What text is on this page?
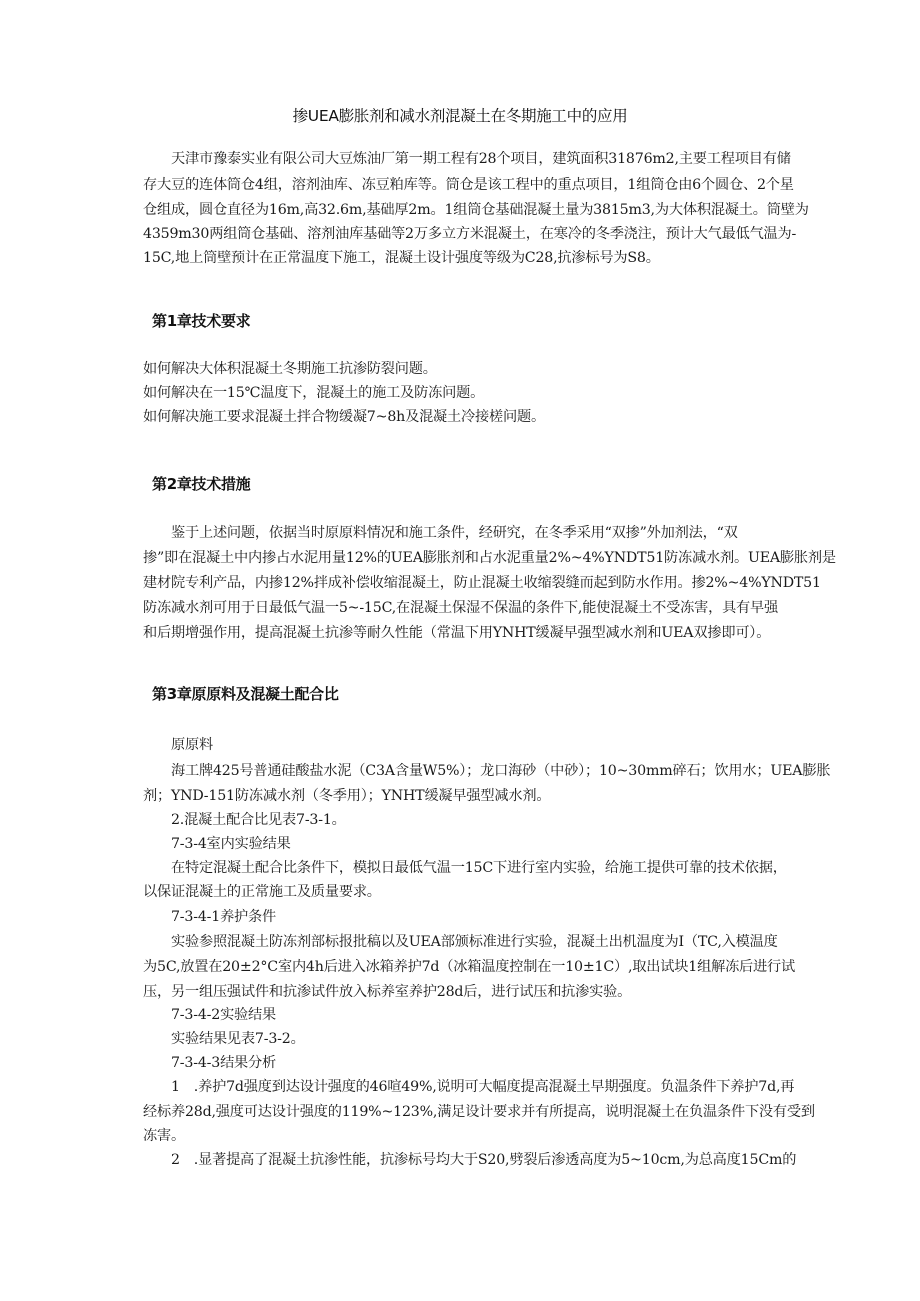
掺UEA膨胀剂和减水剂混凝土在冬期施工中的应用
天津市豫泰实业有限公司大豆炼油厂第一期工程有28个项目，建筑面积31876m2,主要工程项目有储
存大豆的连体筒仓4组，溶剂油库、冻豆粕库等。筒仓是该工程中的重点项目，1组筒仓由6个圆仓、2个星
仓组成，圆仓直径为16m,高32.6m,基础厚2m。1组筒仓基础混凝土量为3815m3,为大体积混凝土。筒壁为
4359m30两组筒仓基础、溶剂油库基础等2万多立方米混凝土，在寒冷的冬季浇注，预计大气最低气温为-
15C,地上筒壁预计在正常温度下施工，混凝土设计强度等级为C28,抗渗标号为S8。
第1章技术要求
如何解决大体积混凝土冬期施工抗渗防裂问题。
如何解决在一15℃温度下，混凝土的施工及防冻问题。
如何解决施工要求混凝土拌合物缓凝7~8h及混凝土冷接槎问题。
第2章技术措施
　　鉴于上述问题，依据当时原原料情况和施工条件，经研究，在冬季采用“双掺”外加剂法，“双
掺”即在混凝土中内掺占水泥用量12%的UEA膨胀剂和占水泥重量2%~4%YNDT51防冻减水剂。UEA膨胀剂是
建材院专利产品，内掺12%拌成补偿收缩混凝土，防止混凝土收缩裂缝而起到防水作用。掺2%~4%YNDT51
防冻减水剂可用于日最低气温一5~-15C,在混凝土保湿不保温的条件下,能使混凝土不受冻害，具有早强
和后期增强作用，提高混凝土抗渗等耐久性能（常温下用YNHT缓凝早强型减水剂和UEA双掺即可）。
第3章原原料及混凝土配合比
　　原原料
　　海工牌425号普通硅酸盐水泥（C3A含量W5%）；龙口海砂（中砂）；10~30mm碎石；饮用水；UEA膨胀
剂；YND-151防冻减水剂（冬季用）；YNHT缓凝早强型减水剂。
　　2.混凝土配合比见表7-3-1。
　　7-3-4室内实验结果
　　在特定混凝土配合比条件下，模拟日最低气温一15C下进行室内实验，给施工提供可靠的技术依据，
以保证混凝土的正常施工及质量要求。
　　7-3-4-1养护条件
　　实验参照混凝土防冻剂部标报批稿以及UEA部颁标准进行实验，混凝土出机温度为I（TC,入模温度
为5C,放置在20±2°C室内4h后进入冰箱养护7d（冰箱温度控制在一10±1C）,取出试块1组解冻后进行试
压，另一组压强试件和抗渗试件放入标养室养护28d后，进行试压和抗渗实验。
　　7-3-4-2实验结果
　　实验结果见表7-3-2。
　　7-3-4-3结果分析
　　1　.养护7d强度到达设计强度的46喧49%,说明可大幅度提高混凝土早期强度。负温条件下养护7d,再
经标养28d,强度可达设计强度的119%~123%,满足设计要求并有所提高，说明混凝土在负温条件下没有受到
冻害。
　　2　.显著提高了混凝土抗渗性能，抗渗标号均大于S20,劈裂后渗透高度为5~10cm,为总高度15Cm的
